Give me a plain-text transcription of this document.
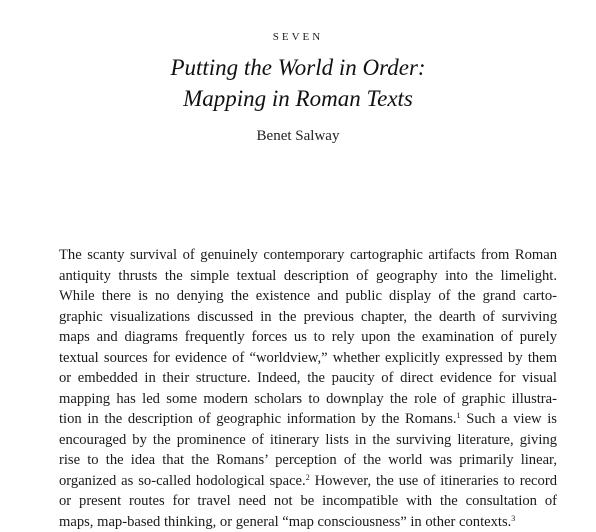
SEVEN
Putting the World in Order:
Mapping in Roman Texts
Benet Salway
The scanty survival of genuinely contemporary cartographic artifacts from Roman
antiquity thrusts the simple textual description of geography into the limelight.
While there is no denying the existence and public display of the grand carto-
graphic visualizations discussed in the previous chapter, the dearth of surviving
maps and diagrams frequently forces us to rely upon the examination of purely
textual sources for evidence of “worldview,” whether explicitly expressed by them
or embedded in their structure. Indeed, the paucity of direct evidence for visual
mapping has led some modern scholars to downplay the role of graphic illustra-
tion in the description of geographic information by the Romans.$^1$ Such a view is
encouraged by the prominence of itinerary lists in the surviving literature, giving
rise to the idea that the Romans’ perception of the world was primarily linear,
organized as so-called hodological space.$^2$ However, the use of itineraries to record
or present routes for travel need not be incompatible with the consultation of
maps, map-based thinking, or general “map consciousness” in other contexts.$^3$
